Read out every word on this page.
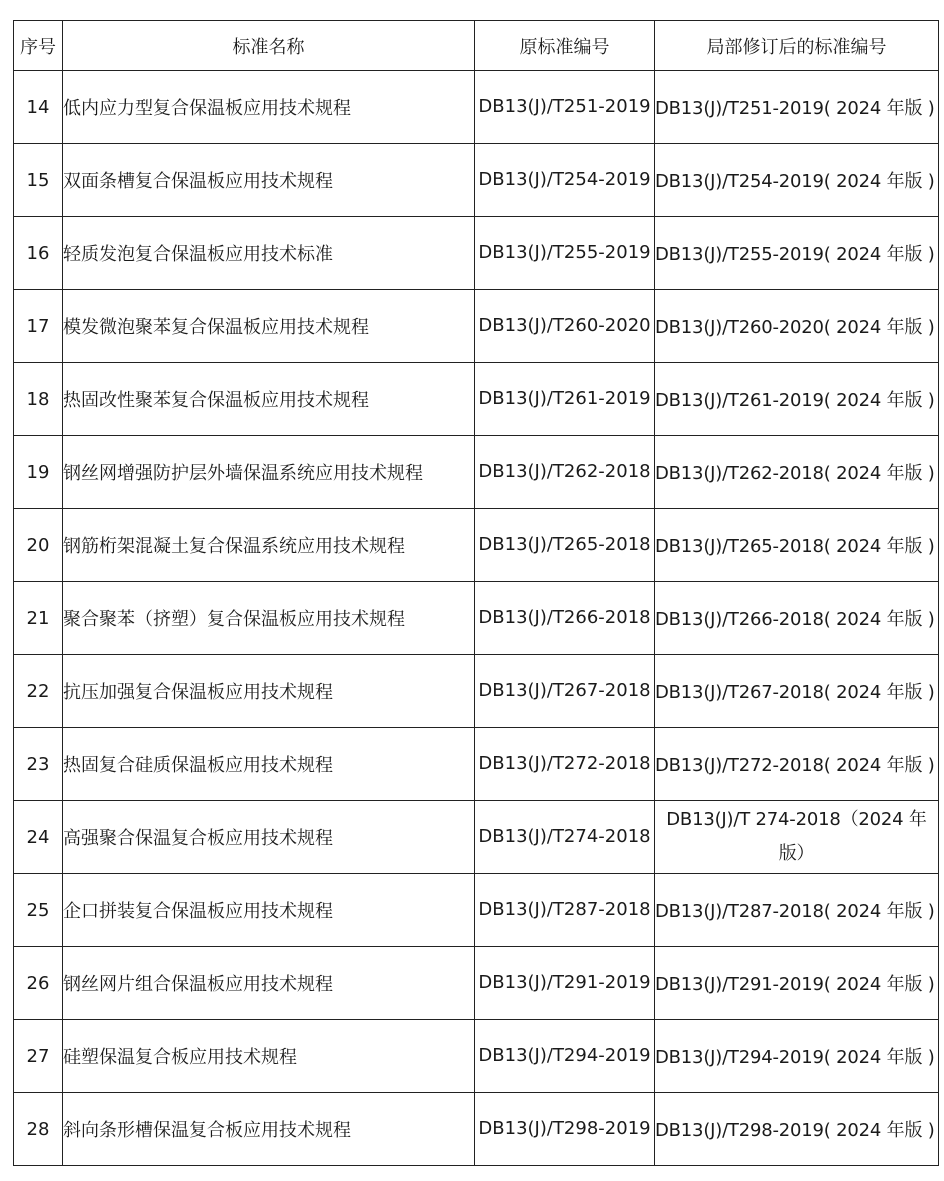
序号	标准名称	原标准编号	局部修订后的标准编号
14	低内应力型复合保温板应用技术规程	DB13(J)/T251-2019	DB13(J)/T251-2019( 2024 年版 )
15	双面条槽复合保温板应用技术规程	DB13(J)/T254-2019	DB13(J)/T254-2019( 2024 年版 )
16	轻质发泡复合保温板应用技术标准	DB13(J)/T255-2019	DB13(J)/T255-2019( 2024 年版 )
17	模发微泡聚苯复合保温板应用技术规程	DB13(J)/T260-2020	DB13(J)/T260-2020( 2024 年版 )
18	热固改性聚苯复合保温板应用技术规程	DB13(J)/T261-2019	DB13(J)/T261-2019( 2024 年版 )
19	钢丝网增强防护层外墙保温系统应用技术规程	DB13(J)/T262-2018	DB13(J)/T262-2018( 2024 年版 )
20	钢筋桁架混凝土复合保温系统应用技术规程	DB13(J)/T265-2018	DB13(J)/T265-2018( 2024 年版 )
21	聚合聚苯（挤塑）复合保温板应用技术规程	DB13(J)/T266-2018	DB13(J)/T266-2018( 2024 年版 )
22	抗压加强复合保温板应用技术规程	DB13(J)/T267-2018	DB13(J)/T267-2018( 2024 年版 )
23	热固复合硅质保温板应用技术规程	DB13(J)/T272-2018	DB13(J)/T272-2018( 2024 年版 )
24	高强聚合保温复合板应用技术规程	DB13(J)/T274-2018	DB13(J)/T 274-2018（2024 年版）
25	企口拼装复合保温板应用技术规程	DB13(J)/T287-2018	DB13(J)/T287-2018( 2024 年版 )
26	钢丝网片组合保温板应用技术规程	DB13(J)/T291-2019	DB13(J)/T291-2019( 2024 年版 )
27	硅塑保温复合板应用技术规程	DB13(J)/T294-2019	DB13(J)/T294-2019( 2024 年版 )
28	斜向条形槽保温复合板应用技术规程	DB13(J)/T298-2019	DB13(J)/T298-2019( 2024 年版 )
